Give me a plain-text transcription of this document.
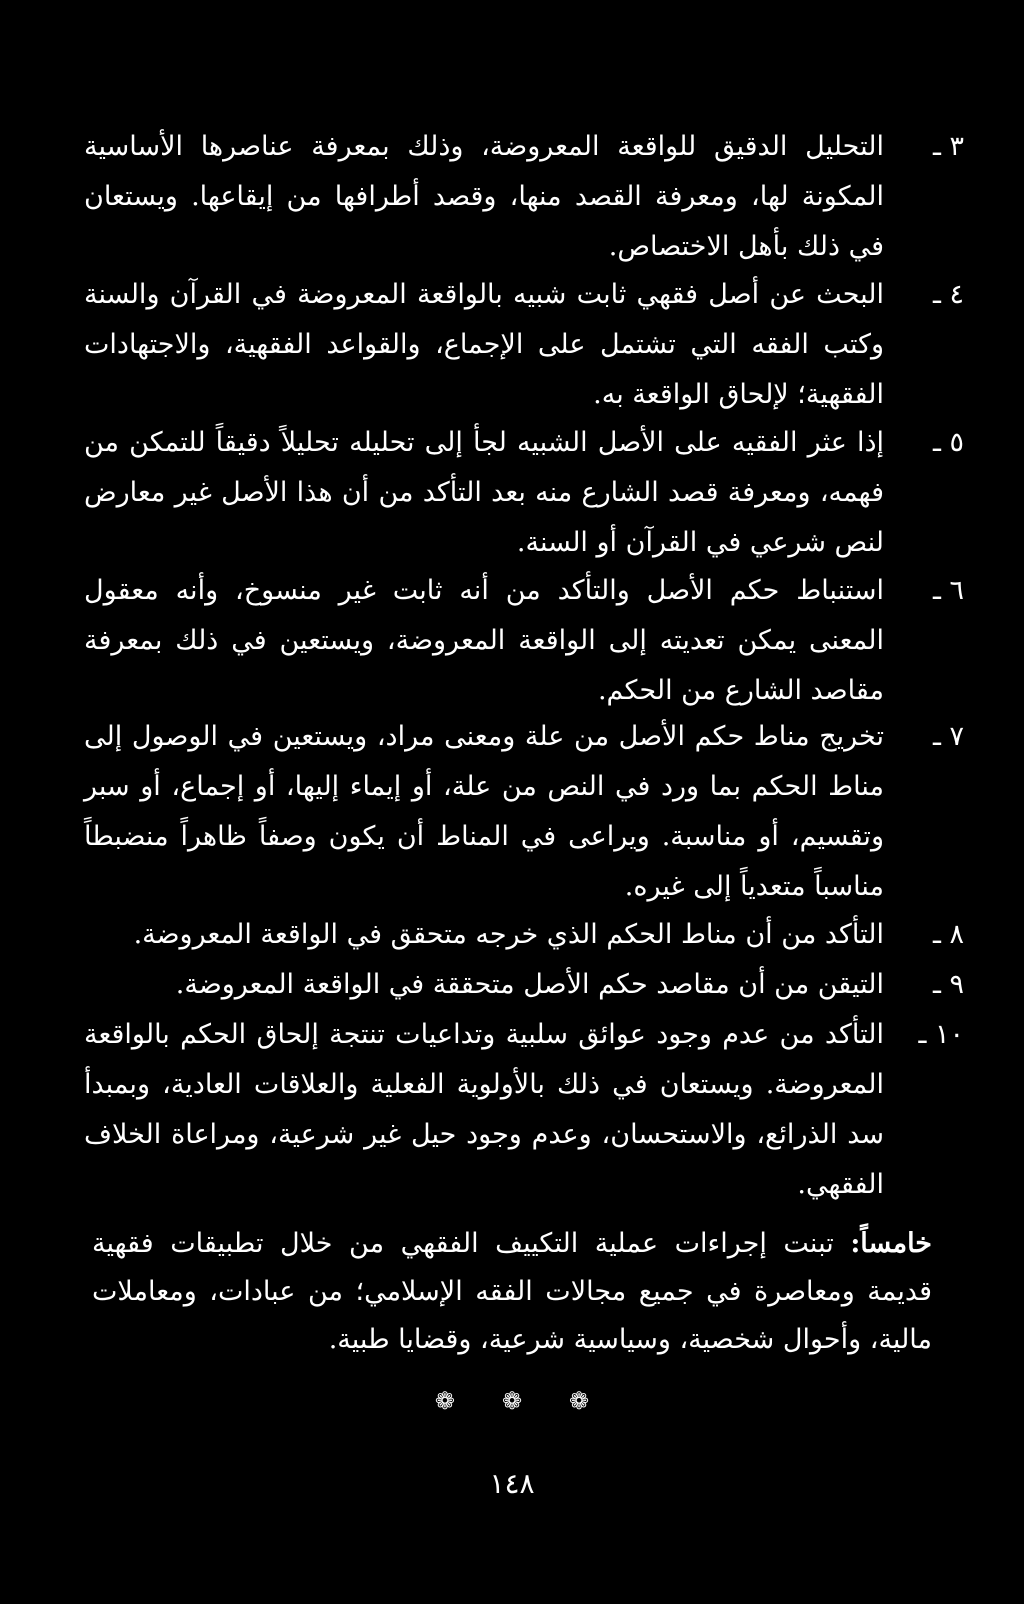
٣ ـ
التحليل الدقيق للواقعة المعروضة، وذلك بمعرفة عناصرها الأساسية المكونة لها، ومعرفة القصد منها، وقصد أطرافها من إيقاعها. ويستعان في ذلك بأهل الاختصاص.
٤ ـ
البحث عن أصل فقهي ثابت شبيه بالواقعة المعروضة في القرآن والسنة وكتب الفقه التي تشتمل على الإجماع، والقواعد الفقهية، والاجتهادات الفقهية؛ لإلحاق الواقعة به.
٥ ـ
إذا عثر الفقيه على الأصل الشبيه لجأ إلى تحليله تحليلاً دقيقاً للتمكن من فهمه، ومعرفة قصد الشارع منه بعد التأكد من أن هذا الأصل غير معارض لنص شرعي في القرآن أو السنة.
٦ ـ
استنباط حكم الأصل والتأكد من أنه ثابت غير منسوخ، وأنه معقول المعنى يمكن تعديته إلى الواقعة المعروضة، ويستعين في ذلك بمعرفة مقاصد الشارع من الحكم.
٧ ـ
تخريج مناط حكم الأصل من علة ومعنى مراد، ويستعين في الوصول إلى مناط الحكم بما ورد في النص من علة، أو إيماء إليها، أو إجماع، أو سبر وتقسيم، أو مناسبة. ويراعى في المناط أن يكون وصفاً ظاهراً منضبطاً مناسباً متعدياً إلى غيره.
٨ ـ
التأكد من أن مناط الحكم الذي خرجه متحقق في الواقعة المعروضة.
٩ ـ
التيقن من أن مقاصد حكم الأصل متحققة في الواقعة المعروضة.
١٠ ـ
التأكد من عدم وجود عوائق سلبية وتداعيات تنتجة إلحاق الحكم بالواقعة المعروضة. ويستعان في ذلك بالأولوية الفعلية والعلاقات العادية، وبمبدأ سد الذرائع، والاستحسان، وعدم وجود حيل غير شرعية، ومراعاة الخلاف الفقهي.
خامساً: تبنت إجراءات عملية التكييف الفقهي من خلال تطبيقات فقهية قديمة ومعاصرة في جميع مجالات الفقه الإسلامي؛ من عبادات، ومعاملات مالية، وأحوال شخصية، وسياسية شرعية، وقضايا طبية.
❁ ❁ ❁
١٤٨
